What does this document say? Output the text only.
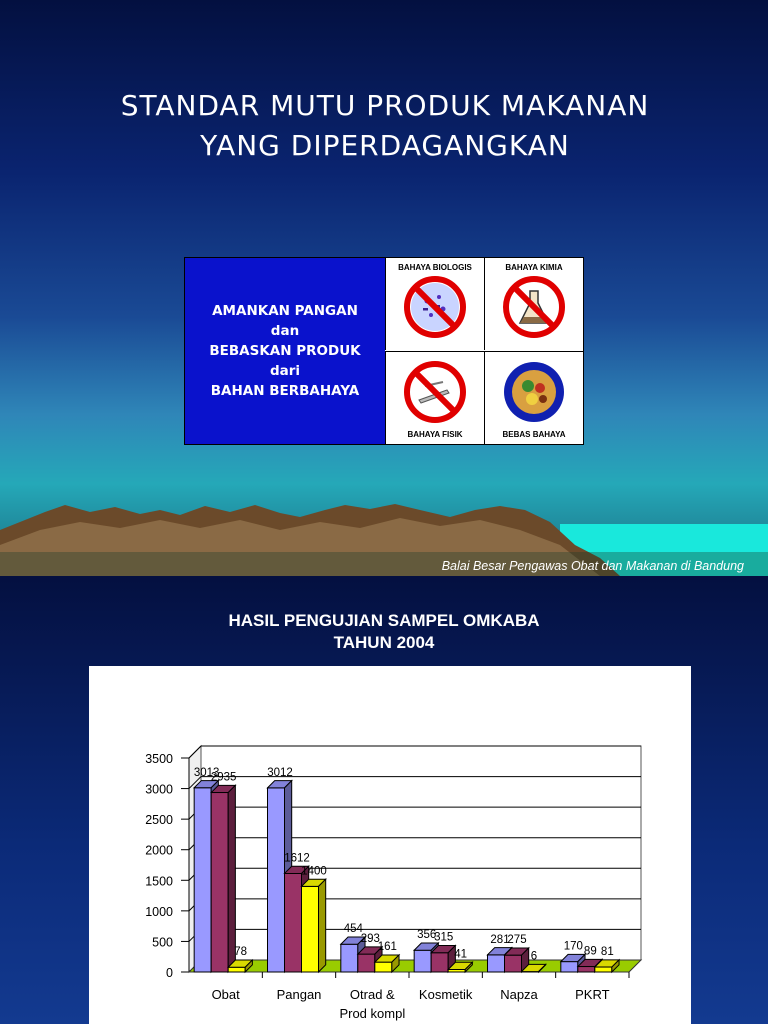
STANDAR MUTU PRODUK MAKANAN
YANG DIPERDAGANGKAN
AMANKAN PANGAN
dan
BEBASKAN PRODUK
dari
BAHAN BERBAHAYA
BAHAYA BIOLOGIS	BAHAYA KIMIA
BAHAYA FISIK	BEBAS BAHAYA
Balai Besar Pengawas Obat dan Makanan di Bandung
HASIL PENGUJIAN SAMPEL OMKABA
TAHUN 2004
0
500
1000
1500
2000
2500
3000
3500
3013
2935
78
Obat
3012
1612
1400
Pangan
454
293
161
Otrad & Prod kompl
356
315
41
Kosmetik
281
275
6
Napza
170 89 81
PKRT
